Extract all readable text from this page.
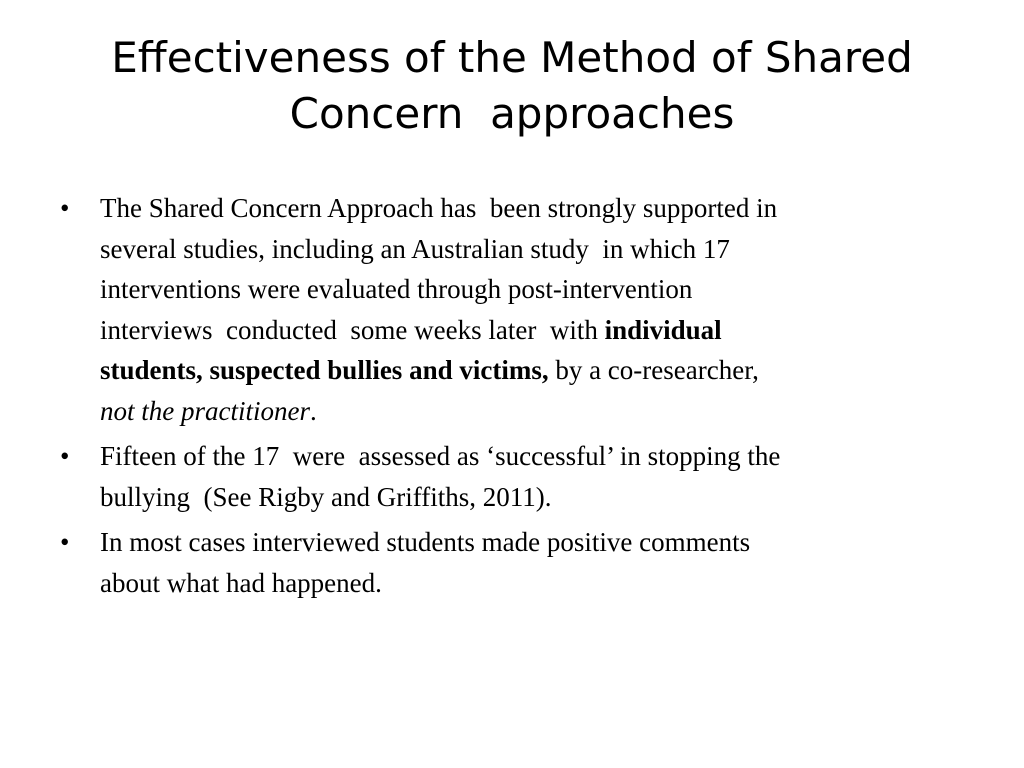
Effectiveness of the Method of Shared
Concern  approaches
•	The Shared Concern Approach has  been strongly supported in
several studies, including an Australian study  in which 17
interventions were evaluated through post-intervention
interviews  conducted  some weeks later  with individual
students, suspected bullies and victims, by a co-researcher,
not the practitioner.
•	Fifteen of the 17  were  assessed as ‘successful’ in stopping the
bullying  (See Rigby and Griffiths, 2011).
•	In most cases interviewed students made positive comments
about what had happened.
